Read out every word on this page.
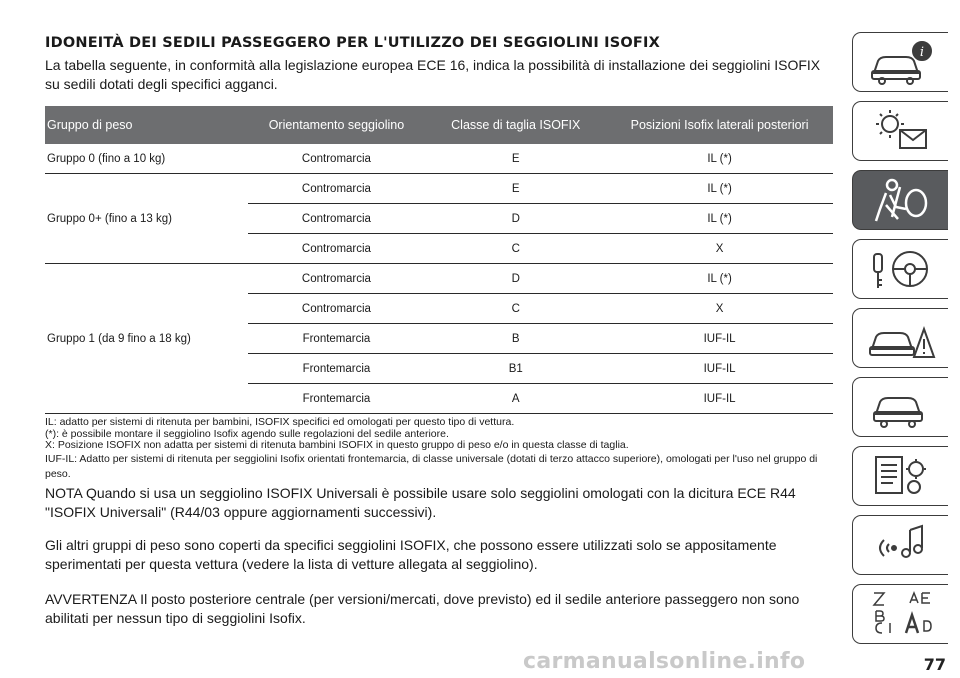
IDONEITÀ DEI SEDILI PASSEGGERO PER L'UTILIZZO DEI SEGGIOLINI ISOFIX

La tabella seguente, in conformità alla legislazione europea ECE 16, indica la possibilità di installazione dei seggiolini ISOFIX su sedili dotati degli specifici agganci.

Gruppo di peso	Orientamento seggiolino	Classe di taglia ISOFIX	Posizioni Isofix laterali posteriori
Gruppo 0 (fino a 10 kg)	Contromarcia	E	IL (*)
Gruppo 0+ (fino a 13 kg)	Contromarcia	E	IL (*)
	Contromarcia	D	IL (*)
	Contromarcia	C	X
Gruppo 1 (da 9 fino a 18 kg)	Contromarcia	D	IL (*)
	Contromarcia	C	X
	Frontemarcia	B	IUF-IL
	Frontemarcia	B1	IUF-IL
	Frontemarcia	A	IUF-IL
IL: adatto per sistemi di ritenuta per bambini, ISOFIX specifici ed omologati per questo tipo di vettura.
(*): è possibile montare il seggiolino Isofix agendo sulle regolazioni del sedile anteriore.
X: Posizione ISOFIX non adatta per sistemi di ritenuta bambini ISOFIX in questo gruppo di peso e/o in questa classe di taglia.
IUF-IL: Adatto per sistemi di ritenuta per seggiolini Isofix orientati frontemarcia, di classe universale (dotati di terzo attacco superiore), omologati per l'uso nel gruppo di peso.

NOTA Quando si usa un seggiolino ISOFIX Universali è possibile usare solo seggiolini omologati con la dicitura ECE R44 "ISOFIX Universali" (R44/03 oppure aggiornamenti successivi).

Gli altri gruppi di peso sono coperti da specifici seggiolini ISOFIX, che possono essere utilizzati solo se appositamente sperimentati per questa vettura (vedere la lista di vetture allegata al seggiolino).

AVVERTENZA Il posto posteriore centrale (per versioni/mercati, dove previsto) ed il sedile anteriore passeggero non sono abilitati per nessun tipo di seggiolini Isofix.

i
carmanualsonline.info	77
